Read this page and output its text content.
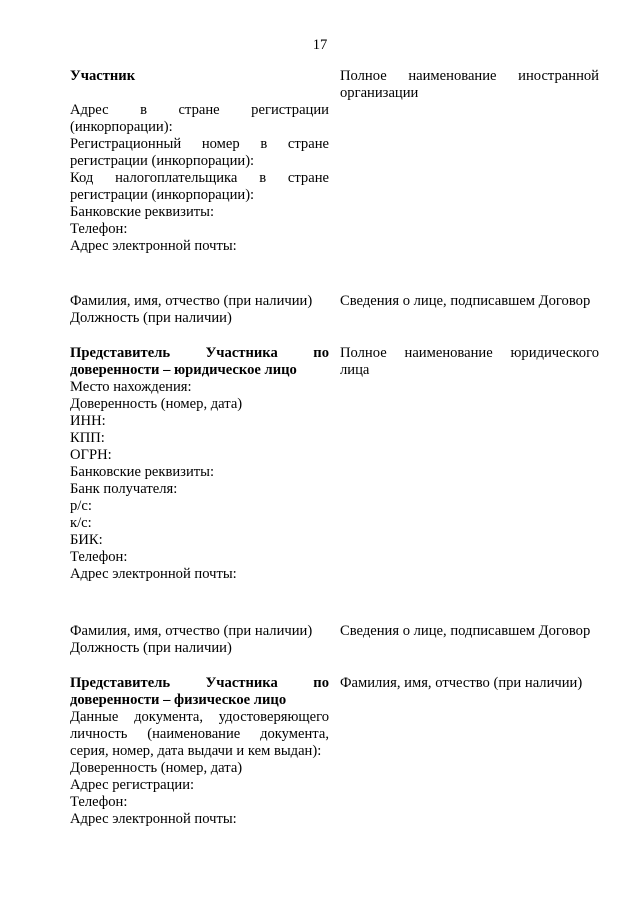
17
Участник
Адрес в стране регистрации
(инкорпорации):
Регистрационный номер в стране
регистрации (инкорпорации):
Код налогоплательщика в стране
регистрации (инкорпорации):
Банковские реквизиты:
Телефон:
Адрес электронной почты:
Полное наименование иностранной
организации
Фамилия, имя, отчество (при наличии)
Должность (при наличии)
Сведения о лице, подписавшем Договор
Представитель Участника по
доверенности – юридическое лицо
Место нахождения:
Доверенность (номер, дата)
ИНН:
КПП:
ОГРН:
Банковские реквизиты:
Банк получателя:
р/с:
к/с:
БИК:
Телефон:
Адрес электронной почты:
Полное наименование юридического
лица
Фамилия, имя, отчество (при наличии)
Должность (при наличии)
Сведения о лице, подписавшем Договор
Представитель Участника по
доверенности – физическое лицо
Данные документа, удостоверяющего
личность (наименование документа,
серия, номер, дата выдачи и кем выдан):
Доверенность (номер, дата)
Адрес регистрации:
Телефон:
Адрес электронной почты:
Фамилия, имя, отчество (при наличии)
